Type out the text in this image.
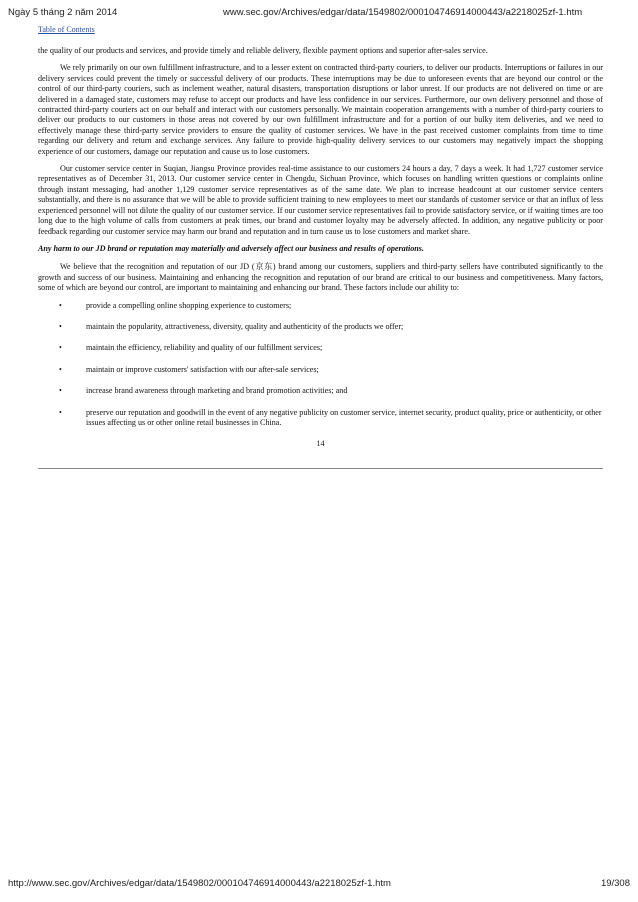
Ngày 5 tháng 2 năm 2014	www.sec.gov/Archives/edgar/data/1549802/000104746914000443/a2218025zf-1.htm
Table of Contents

the quality of our products and services, and provide timely and reliable delivery, flexible payment options and superior after-sales service.

We rely primarily on our own fulfillment infrastructure, and to a lesser extent on contracted third-party couriers, to deliver our products. Interruptions or failures in our delivery services could prevent the timely or successful delivery of our products. These interruptions may be due to unforeseen events that are beyond our control or the control of our third-party couriers, such as inclement weather, natural disasters, transportation disruptions or labor unrest. If our products are not delivered on time or are delivered in a damaged state, customers may refuse to accept our products and have less confidence in our services. Furthermore, our own delivery personnel and those of contracted third-party couriers act on our behalf and interact with our customers personally. We maintain cooperation arrangements with a number of third-party couriers to deliver our products to our customers in those areas not covered by our own fulfillment infrastructure and for a portion of our bulky item deliveries, and we need to effectively manage these third-party service providers to ensure the quality of customer services. We have in the past received customer complaints from time to time regarding our delivery and return and exchange services. Any failure to provide high-quality delivery services to our customers may negatively impact the shopping experience of our customers, damage our reputation and cause us to lose customers.

Our customer service center in Suqian, Jiangsu Province provides real-time assistance to our customers 24 hours a day, 7 days a week. It had 1,727 customer service representatives as of December 31, 2013. Our customer service center in Chengdu, Sichuan Province, which focuses on handling written questions or complaints online through instant messaging, had another 1,129 customer service representatives as of the same date. We plan to increase headcount at our customer service centers substantially, and there is no assurance that we will be able to provide sufficient training to new employees to meet our standards of customer service or that an influx of less experienced personnel will not dilute the quality of our customer service. If our customer service representatives fail to provide satisfactory service, or if waiting times are too long due to the high volume of calls from customers at peak times, our brand and customer loyalty may be adversely affected. In addition, any negative publicity or poor feedback regarding our customer service may harm our brand and reputation and in turn cause us to lose customers and market share.

Any harm to our JD brand or reputation may materially and adversely affect our business and results of operations.

We believe that the recognition and reputation of our JD (京东) brand among our customers, suppliers and third-party sellers have contributed significantly to the growth and success of our business. Maintaining and enhancing the recognition and reputation of our brand are critical to our business and competitiveness. Many factors, some of which are beyond our control, are important to maintaining and enhancing our brand. These factors include our ability to:

•	provide a compelling online shopping experience to customers;
•	maintain the popularity, attractiveness, diversity, quality and authenticity of the products we offer;
•	maintain the efficiency, reliability and quality of our fulfillment services;
•	maintain or improve customers' satisfaction with our after-sale services;
•	increase brand awareness through marketing and brand promotion activities; and
•	preserve our reputation and goodwill in the event of any negative publicity on customer service, internet security, product quality, price or authenticity, or other issues affecting us or other online retail businesses in China.
14
http://www.sec.gov/Archives/edgar/data/1549802/000104746914000443/a2218025zf-1.htm	19/308
